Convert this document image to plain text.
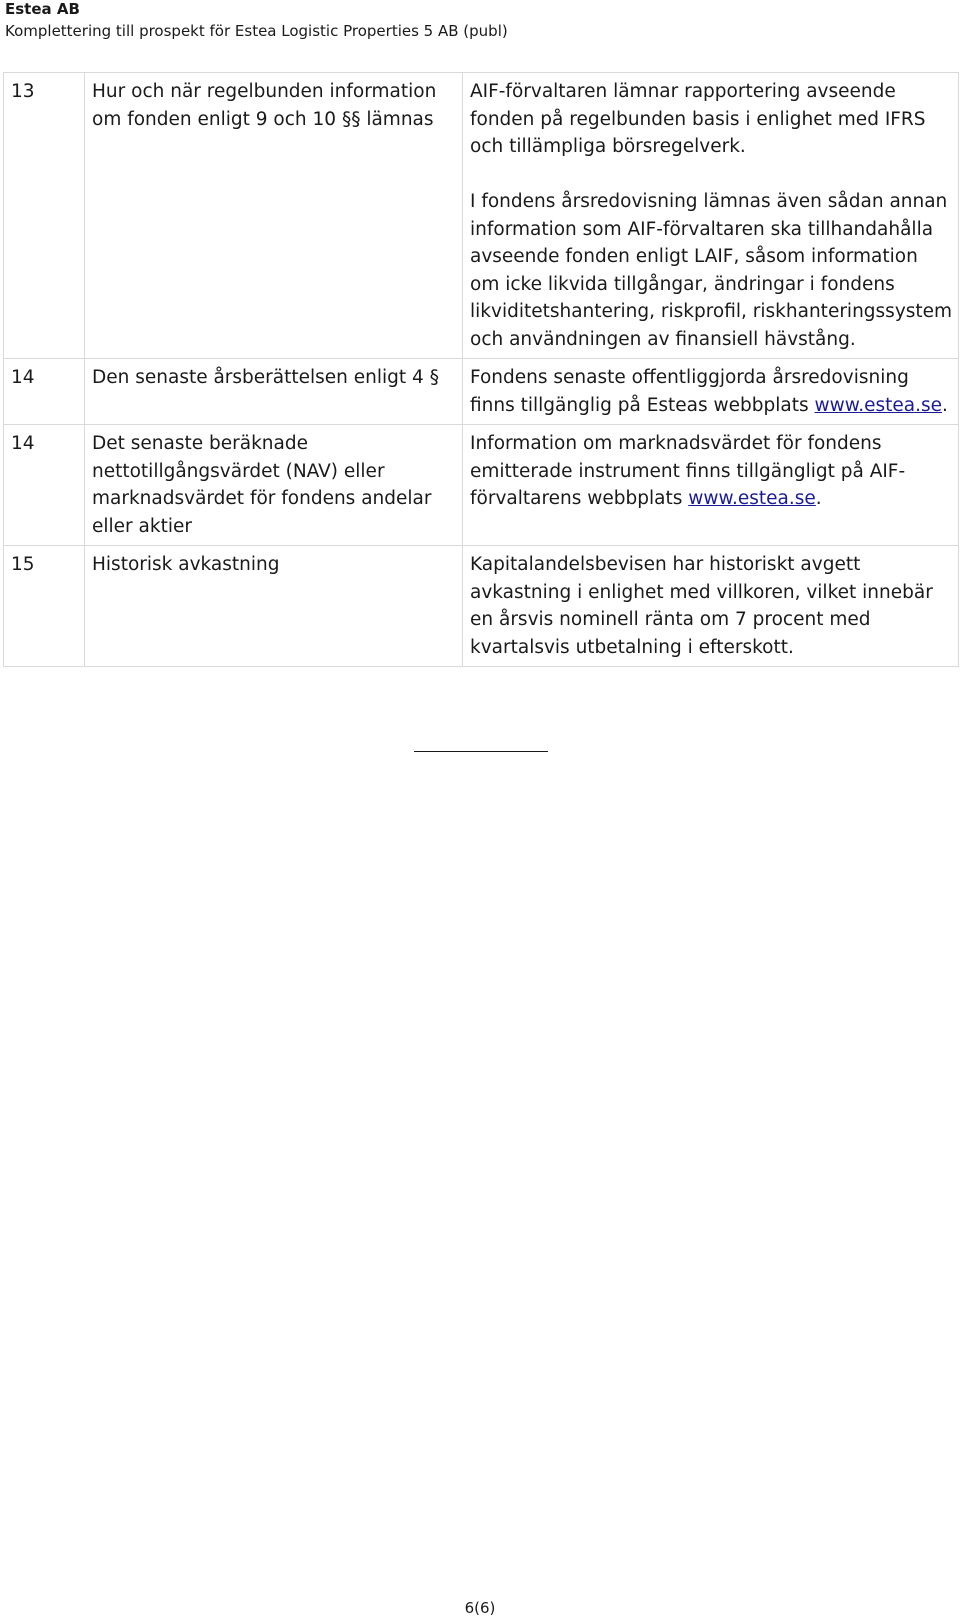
Estea AB
Komplettering till prospekt för Estea Logistic Properties 5 AB (publ)
13	Hur och när regelbunden information om fonden enligt 9 och 10 §§ lämnas	AIF-förvaltaren lämnar rapportering avseende fonden på regelbunden basis i enlighet med IFRS och tillämpliga börsregelverk.

I fondens årsredovisning lämnas även sådan annan information som AIF-förvaltaren ska tillhandahålla avseende fonden enligt LAIF, såsom information om icke likvida tillgångar, ändringar i fondens likviditetshantering, riskprofil, riskhanteringssystem och användningen av finansiell hävstång.

14	Den senaste årsberättelsen enligt 4 §	Fondens senaste offentliggjorda årsredovisning finns tillgänglig på Esteas webbplats www.estea.se.
14	Det senaste beräknade nettotillgångsvärdet (NAV) eller marknadsvärdet för fondens andelar eller aktier	Information om marknadsvärdet för fondens emitterade instrument finns tillgängligt på AIF-förvaltarens webbplats www.estea.se.
15	Historisk avkastning	Kapitalandelsbevisen har historiskt avgett avkastning i enlighet med villkoren, vilket innebär en årsvis nominell ränta om 7 procent med kvartalsvis utbetalning i efterskott.
6(6)
